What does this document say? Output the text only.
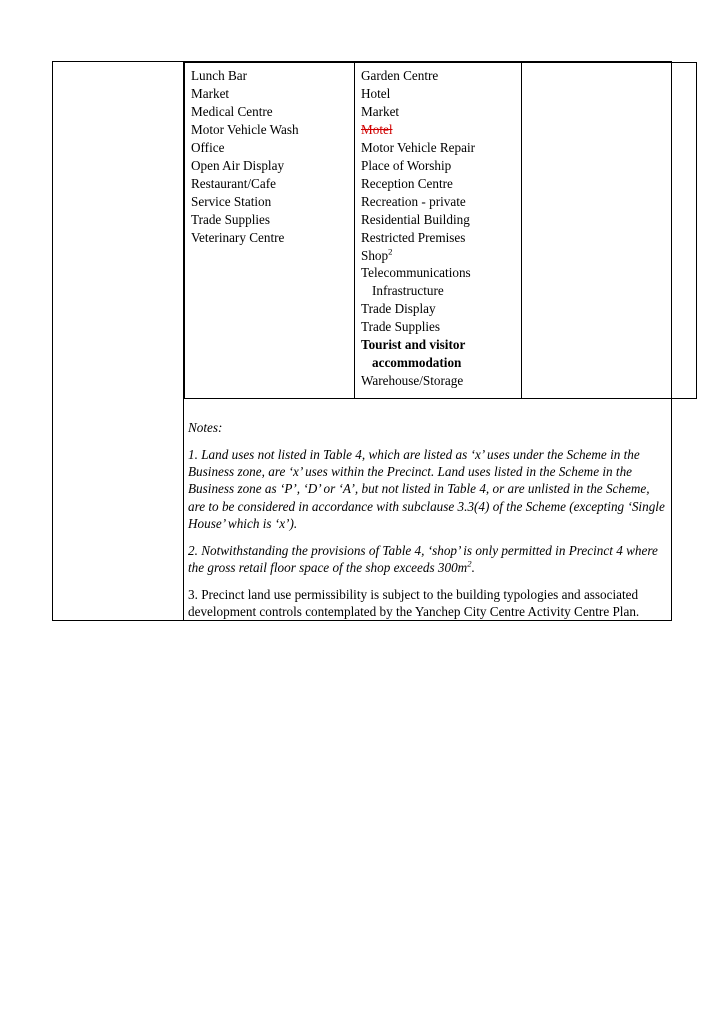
Lunch Bar
Market
Medical Centre
Motor Vehicle Wash
Office
Open Air Display
Restaurant/Cafe
Service Station
Trade Supplies
Veterinary Centre

Garden Centre
Hotel
Market
Motel
Motor Vehicle Repair
Place of Worship
Reception Centre
Recreation - private
Residential Building
Restricted Premises
Shop$^2$
Telecommunications Infrastructure
Trade Display
Trade Supplies
Tourist and visitor accommodation
Warehouse/Storage

Notes:

1. Land uses not listed in Table 4, which are listed as ‘x’ uses under the Scheme in the Business zone, are ‘x’ uses within the Precinct. Land uses listed in the Scheme in the Business zone as ‘P’, ‘D’ or ‘A’, but not listed in Table 4, or are unlisted in the Scheme, are to be considered in accordance with subclause 3.3(4) of the Scheme (excepting ‘Single House’ which is ‘x’).

2. Notwithstanding the provisions of Table 4, ‘shop’ is only permitted in Precinct 4 where the gross retail floor space of the shop exceeds $300m^2$.

3. Precinct land use permissibility is subject to the building typologies and associated development controls contemplated by the Yanchep City Centre Activity Centre Plan.
